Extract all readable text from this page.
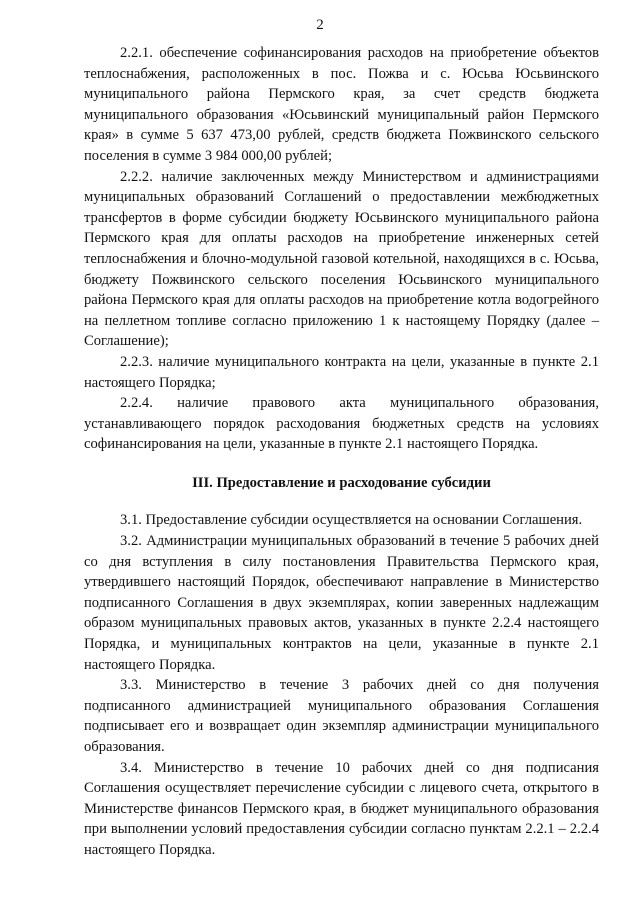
2

2.2.1. обеспечение софинансирования расходов на приобретение объектов теплоснабжения, расположенных в пос. Пожва и с. Юсьва Юсьвинского муниципального района Пермского края, за счет средств бюджета муниципального образования «Юсьвинский муниципальный район Пермского края» в сумме 5 637 473,00 рублей, средств бюджета Пожвинского сельского поселения в сумме 3 984 000,00 рублей;

2.2.2. наличие заключенных между Министерством и администрациями муниципальных образований Соглашений о предоставлении межбюджетных трансфертов в форме субсидии бюджету Юсьвинского муниципального района Пермского края для оплаты расходов на приобретение инженерных сетей теплоснабжения и блочно-модульной газовой котельной, находящихся в с. Юсьва, бюджету Пожвинского сельского поселения Юсьвинского муниципального района Пермского края для оплаты расходов на приобретение котла водогрейного на пеллетном топливе согласно приложению 1 к настоящему Порядку (далее – Соглашение);

2.2.3. наличие муниципального контракта на цели, указанные в пункте 2.1 настоящего Порядка;

2.2.4. наличие правового акта муниципального образования, устанавливающего порядок расходования бюджетных средств на условиях софинансирования на цели, указанные в пункте 2.1 настоящего Порядка.

III. Предоставление и расходование субсидии

3.1. Предоставление субсидии осуществляется на основании Соглашения.

3.2. Администрации муниципальных образований в течение 5 рабочих дней со дня вступления в силу постановления Правительства Пермского края, утвердившего настоящий Порядок, обеспечивают направление в Министерство подписанного Соглашения в двух экземплярах, копии заверенных надлежащим образом муниципальных правовых актов, указанных в пункте 2.2.4 настоящего Порядка, и муниципальных контрактов на цели, указанные в пункте 2.1 настоящего Порядка.

3.3. Министерство в течение 3 рабочих дней со дня получения подписанного администрацией муниципального образования Соглашения подписывает его и возвращает один экземпляр администрации муниципального образования.

3.4. Министерство в течение 10 рабочих дней со дня подписания Соглашения осуществляет перечисление субсидии с лицевого счета, открытого в Министерстве финансов Пермского края, в бюджет муниципального образования при выполнении условий предоставления субсидии согласно пунктам 2.2.1 – 2.2.4 настоящего Порядка.
